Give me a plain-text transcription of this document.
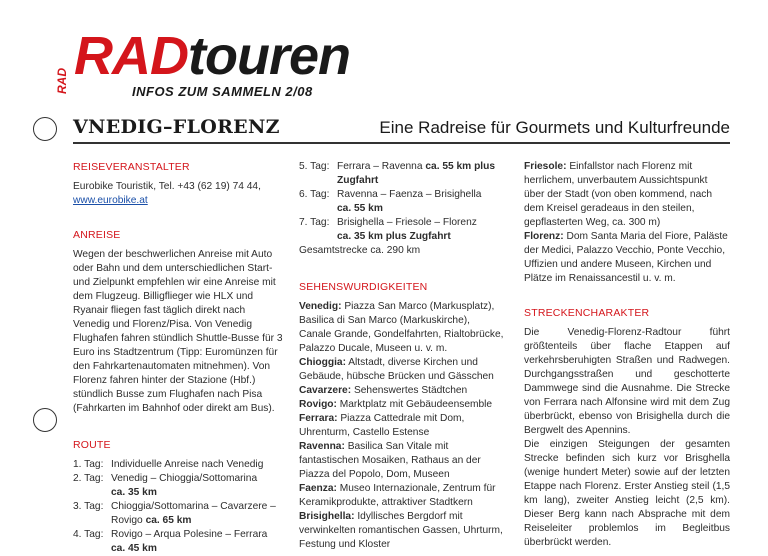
RAD RADtouren
INFOS ZUM SAMMELN 2/08
VNEDIG–FLORENZ	Eine Radreise für Gourmets und Kulturfreunde
REISEVERANSTALTER

Eurobike Touristik, Tel. +43 (62 19) 74 44,

www.eurobike.at

ANREISE

Wegen der beschwerlichen Anreise mit Auto oder Bahn und dem unterschiedlichen Start- und Zielpunkt empfehlen wir eine Anreise mit dem Flugzeug. Billigflieger wie HLX und Ryanair fliegen fast täglich direkt nach Venedig und Florenz/Pisa. Von Venedig Flughafen fahren stündlich Shuttle-Busse für 3 Euro ins Stadtzentrum (Tipp: Euromünzen für den Fahrkartenautomaten mitnehmen). Von Florenz fahren hinter der Stazione (Hbf.) stündlich Busse zum Flughafen nach Pisa (Fahrkarten im Bahnhof oder direkt am Bus).

ROUTE
1. Tag: Individuelle Anreise nach Venedig
2. Tag: Venedig – Chioggia/Sottomarina
ca. 35 km
3. Tag: Chioggia/Sottomarina – Cavarzere – Rovigo ca. 65 km
4. Tag: Rovigo – Arqua Polesine – Ferrara
ca. 45 km
5. Tag: Ferrara – Ravenna ca. 55 km plus Zugfahrt
6. Tag: Ravenna – Faenza – Brisighella
ca. 55 km
7. Tag: Brisighella – Friesole – Florenz
ca. 35 km plus Zugfahrt

Gesamtstrecke ca. 290 km

SEHENSWURDIGKEITEN

Venedig: Piazza San Marco (Markusplatz), Basilica di San Marco (Markuskirche), Canale Grande, Gondelfahrten, Rialtobrücke, Palazzo Ducale, Museen u. v. m.

Chioggia: Altstadt, diverse Kirchen und Gebäude, hübsche Brücken und Gässchen

Cavarzere: Sehenswertes Städtchen

Rovigo: Marktplatz mit Gebäudeensemble

Ferrara: Piazza Cattedrale mit Dom, Uhrenturm, Castello Estense

Ravenna: Basilica San Vitale mit fantastischen Mosaiken, Rathaus an der Piazza del Popolo, Dom, Museen

Faenza: Museo Internazionale, Zentrum für Keramikprodukte, attraktiver Stadtkern

Brisighella: Idyllisches Bergdorf mit verwinkelten romantischen Gassen, Uhrturm, Festung und Kloster

Friesole: Einfallstor nach Florenz mit herrlichem, unverbautem Aussichtspunkt über der Stadt (von oben kommend, nach dem Kreisel geradeaus in den steilen, gepflasterten Weg, ca. 300 m)

Florenz: Dom Santa Maria del Fiore, Paläste der Medici, Palazzo Vecchio, Ponte Vecchio, Uffizien und andere Museen, Kirchen und Plätze im Renaissancestil u. v. m.

STRECKENCHARAKTER

Die Venedig-Florenz-Radtour führt größtenteils über flache Etappen auf verkehrsberuhigten Straßen und Radwegen. Durchgangsstraßen und geschotterte Dammwege sind die Ausnahme. Die Strecke von Ferrara nach Alfonsine wird mit dem Zug überbrückt, ebenso von Brisighella durch die Bergwelt des Apennins.

Die einzigen Steigungen der gesamten Strecke befinden sich kurz vor Brisghella (wenige hundert Meter) sowie auf der letzten Etappe nach Florenz. Erster Anstieg steil (1,5 km lang), zweiter Anstieg leicht (2,5 km). Dieser Berg kann nach Absprache mit dem Reiseleiter problemlos im Begleitbus überbrückt werden.
